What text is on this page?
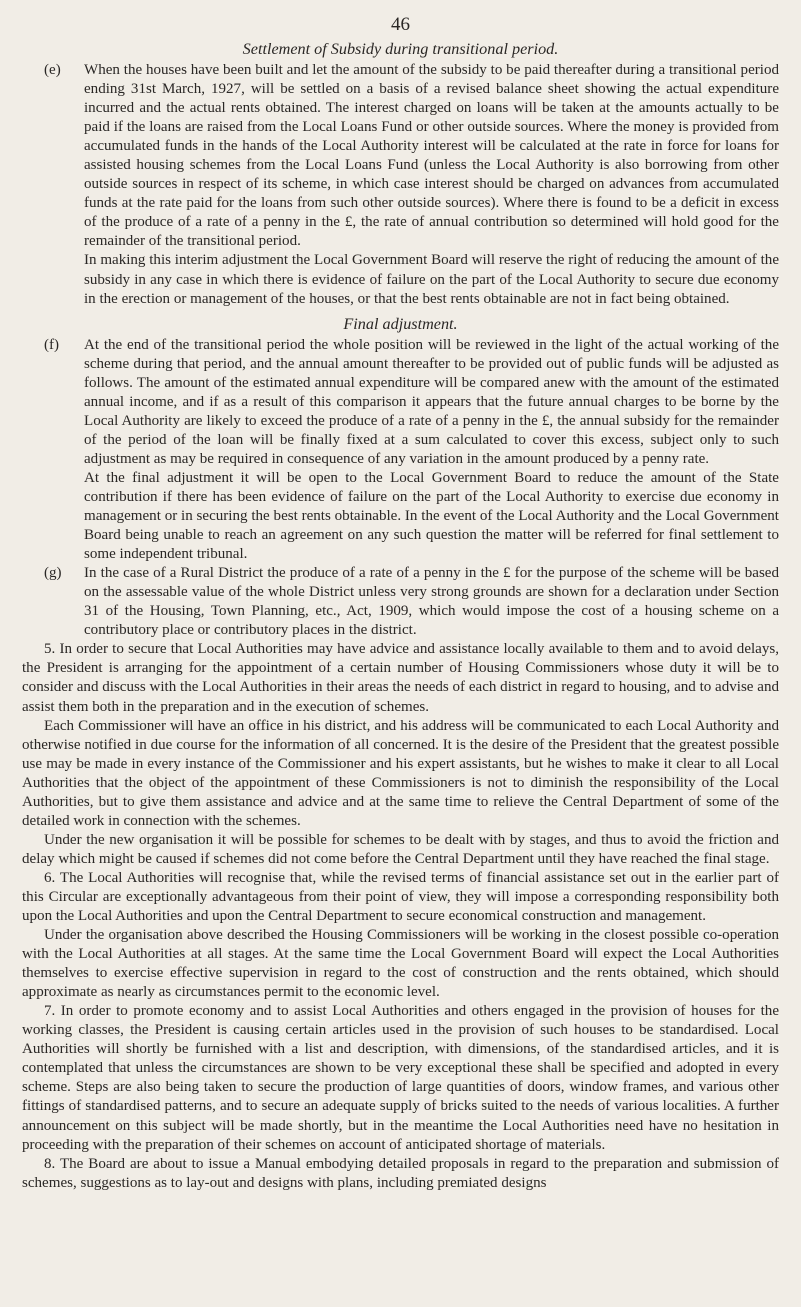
46
Settlement of Subsidy during transitional period.

(e) When the houses have been built and let the amount of the subsidy to be paid thereafter during a transitional period ending 31st March, 1927, will be settled on a basis of a revised balance sheet showing the actual expenditure incurred and the actual rents obtained. The interest charged on loans will be taken at the amounts actually to be paid if the loans are raised from the Local Loans Fund or other outside sources. Where the money is provided from accumulated funds in the hands of the Local Authority interest will be calculated at the rate in force for loans for assisted housing schemes from the Local Loans Fund (unless the Local Authority is also borrowing from other outside sources in respect of its scheme, in which case interest should be charged on advances from accumulated funds at the rate paid for the loans from such other outside sources). Where there is found to be a deficit in excess of the produce of a rate of a penny in the £, the rate of annual contribution so determined will hold good for the remainder of the transitional period.

In making this interim adjustment the Local Government Board will reserve the right of reducing the amount of the subsidy in any case in which there is evidence of failure on the part of the Local Authority to secure due economy in the erection or management of the houses, or that the best rents obtainable are not in fact being obtained.

Final adjustment.

(f) At the end of the transitional period the whole position will be reviewed in the light of the actual working of the scheme during that period, and the annual amount thereafter to be provided out of public funds will be adjusted as follows. The amount of the estimated annual expenditure will be compared anew with the amount of the estimated annual income, and if as a result of this comparison it appears that the future annual charges to be borne by the Local Authority are likely to exceed the produce of a rate of a penny in the £, the annual subsidy for the remainder of the period of the loan will be finally fixed at a sum calculated to cover this excess, subject only to such adjustment as may be required in consequence of any variation in the amount produced by a penny rate.

At the final adjustment it will be open to the Local Government Board to reduce the amount of the State contribution if there has been evidence of failure on the part of the Local Authority to exercise due economy in management or in securing the best rents obtainable. In the event of the Local Authority and the Local Government Board being unable to reach an agreement on any such question the matter will be referred for final settlement to some independent tribunal.

(g) In the case of a Rural District the produce of a rate of a penny in the £ for the purpose of the scheme will be based on the assessable value of the whole District unless very strong grounds are shown for a declaration under Section 31 of the Housing, Town Planning, etc., Act, 1909, which would impose the cost of a housing scheme on a contributory place or contributory places in the district.

5. In order to secure that Local Authorities may have advice and assistance locally available to them and to avoid delays, the President is arranging for the appointment of a certain number of Housing Commissioners whose duty it will be to consider and discuss with the Local Authorities in their areas the needs of each district in regard to housing, and to advise and assist them both in the preparation and in the execution of schemes.

Each Commissioner will have an office in his district, and his address will be communicated to each Local Authority and otherwise notified in due course for the information of all concerned. It is the desire of the President that the greatest possible use may be made in every instance of the Commissioner and his expert assistants, but he wishes to make it clear to all Local Authorities that the object of the appointment of these Commissioners is not to diminish the responsibility of the Local Authorities, but to give them assistance and advice and at the same time to relieve the Central Department of some of the detailed work in connection with the schemes.

Under the new organisation it will be possible for schemes to be dealt with by stages, and thus to avoid the friction and delay which might be caused if schemes did not come before the Central Department until they have reached the final stage.

6. The Local Authorities will recognise that, while the revised terms of financial assistance set out in the earlier part of this Circular are exceptionally advantageous from their point of view, they will impose a corresponding responsibility both upon the Local Authorities and upon the Central Department to secure economical construction and management.

Under the organisation above described the Housing Commissioners will be working in the closest possible co-operation with the Local Authorities at all stages. At the same time the Local Government Board will expect the Local Authorities themselves to exercise effective supervision in regard to the cost of construction and the rents obtained, which should approximate as nearly as circumstances permit to the economic level.

7. In order to promote economy and to assist Local Authorities and others engaged in the provision of houses for the working classes, the President is causing certain articles used in the provision of such houses to be standardised. Local Authorities will shortly be furnished with a list and description, with dimensions, of the standardised articles, and it is contemplated that unless the circumstances are shown to be very exceptional these shall be specified and adopted in every scheme. Steps are also being taken to secure the production of large quantities of doors, window frames, and various other fittings of standardised patterns, and to secure an adequate supply of bricks suited to the needs of various localities. A further announcement on this subject will be made shortly, but in the meantime the Local Authorities need have no hesitation in proceeding with the preparation of their schemes on account of anticipated shortage of materials.

8. The Board are about to issue a Manual embodying detailed proposals in regard to the preparation and submission of schemes, suggestions as to lay-out and designs with plans, including premiated designs
